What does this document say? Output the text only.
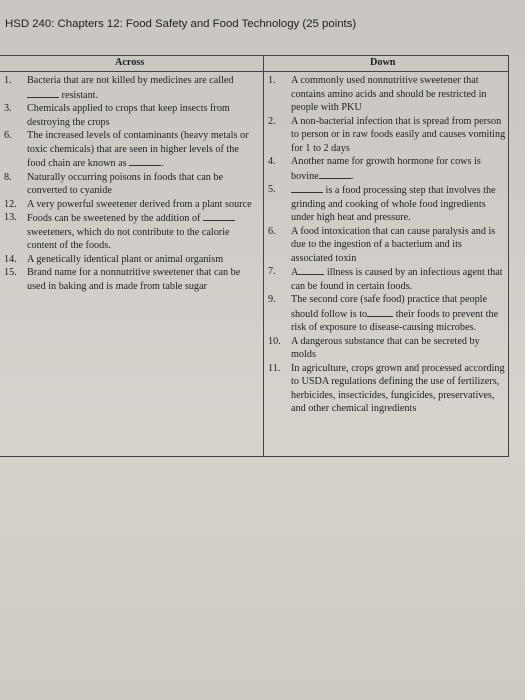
HSD 240: Chapters 12: Food Safety and Food Technology (25 points)
Across	Down
1. Bacteria that are not killed by medicines are called
resistant.
3. Chemicals applied to crops that keep insects from destroying the crops
6. The increased levels of contaminants (heavy metals or toxic chemicals) that are seen in higher levels of the food chain are known as	.
8. Naturally occurring poisons in foods that can be converted to cyanide
12. A very powerful sweetener derived from a plant source
13. Foods can be sweetened by the addition of  sweeteners, which do not contribute to the calorie content of the foods.
14. A genetically identical plant or animal organism
15. Brand name for a nonnutritive sweetener that can be used in baking and is made from table sugar
1. A commonly used nonnutritive sweetener that contains amino acids and should be restricted in people with PKU
2. A non-bacterial infection that is spread from person to person or in raw foods easily and causes vomiting for 1 to 2 days
4. Another name for growth hormone for cows is bovine	.
5.	is a food processing step that involves the grinding and cooking of whole food ingredients under high heat and pressure.
6. A food intoxication that can cause paralysis and is due to the ingestion of a bacterium and its associated toxin
7. A	illness is caused by an infectious agent that can be found in certain foods.
9. The second core (safe food) practice that people should follow is to	their foods to prevent the risk of exposure to disease-causing microbes.
10. A dangerous substance that can be secreted by molds
11. In agriculture, crops grown and processed according to USDA regulations defining the use of fertilizers, herbicides, insecticides, fungicides, preservatives, and other chemical ingredients
